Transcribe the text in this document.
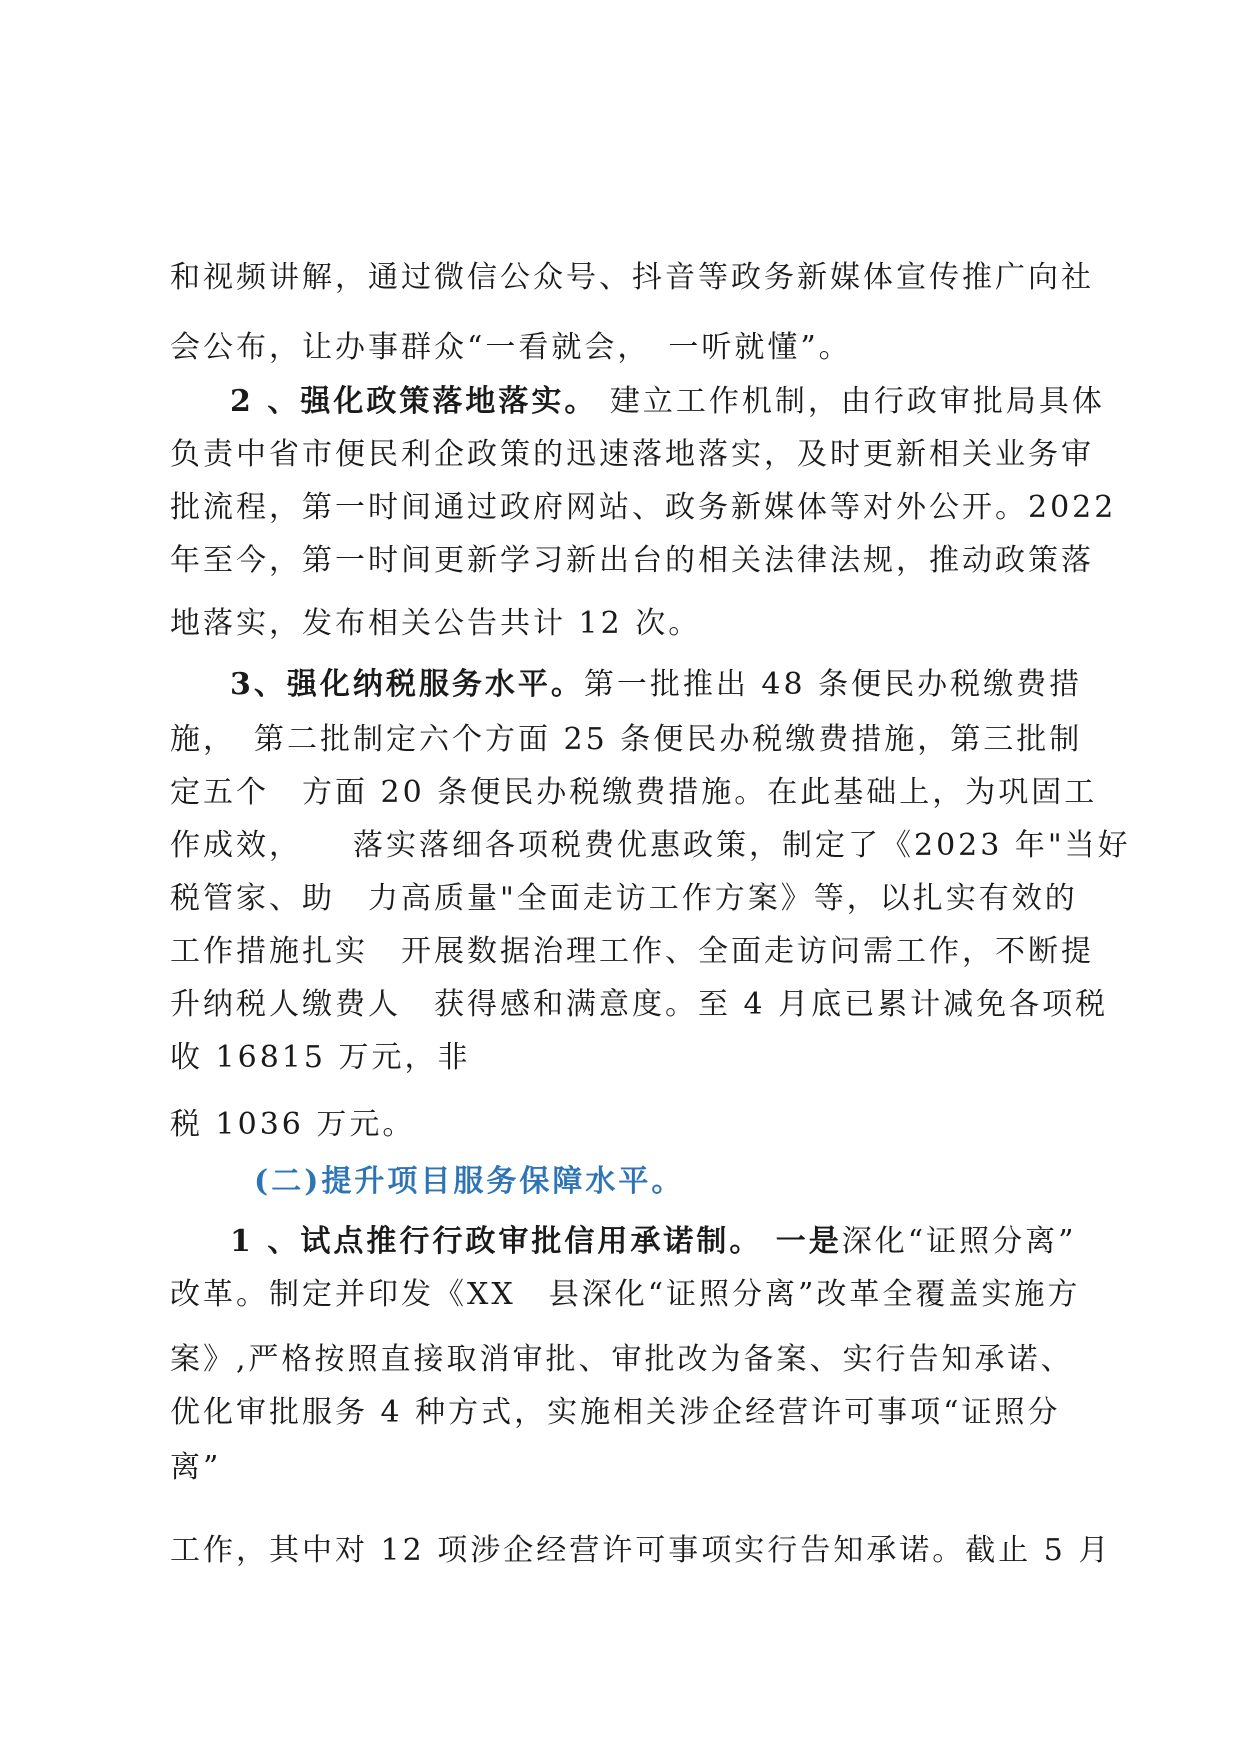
和视频讲解，通过微信公众号、抖音等政务新媒体宣传推广向社
会公布，让办事群众“一看就会，　一听就懂”。
2 、强化政策落地落实。 建立工作机制，由行政审批局具体
负责中省市便民利企政策的迅速落地落实，及时更新相关业务审
批流程，第一时间通过政府网站、政务新媒体等对外公开。2022
年至今，第一时间更新学习新出台的相关法律法规，推动政策落
地落实，发布相关公告共计 12 次。
3、强化纳税服务水平。第一批推出 48 条便民办税缴费措
施，　第二批制定六个方面 25 条便民办税缴费措施，第三批制
定五个　方面 20 条便民办税缴费措施。在此基础上，为巩固工
作成效，　　落实落细各项税费优惠政策，制定了《2023 年"当好
税管家、助　力高质量"全面走访工作方案》等，以扎实有效的
工作措施扎实　开展数据治理工作、全面走访问需工作，不断提
升纳税人缴费人　获得感和满意度。至 4 月底已累计减免各项税
收 16815 万元，非
税 1036 万元。
(二)提升项目服务保障水平。
1 、试点推行行政审批信用承诺制。 一是深化“证照分离”
改革。制定并印发《XX　县深化“证照分离”改革全覆盖实施方
案》,严格按照直接取消审批、审批改为备案、实行告知承诺、
优化审批服务 4 种方式，实施相关涉企经营许可事项“证照分
离”
工作，其中对 12 项涉企经营许可事项实行告知承诺。截止 5 月
